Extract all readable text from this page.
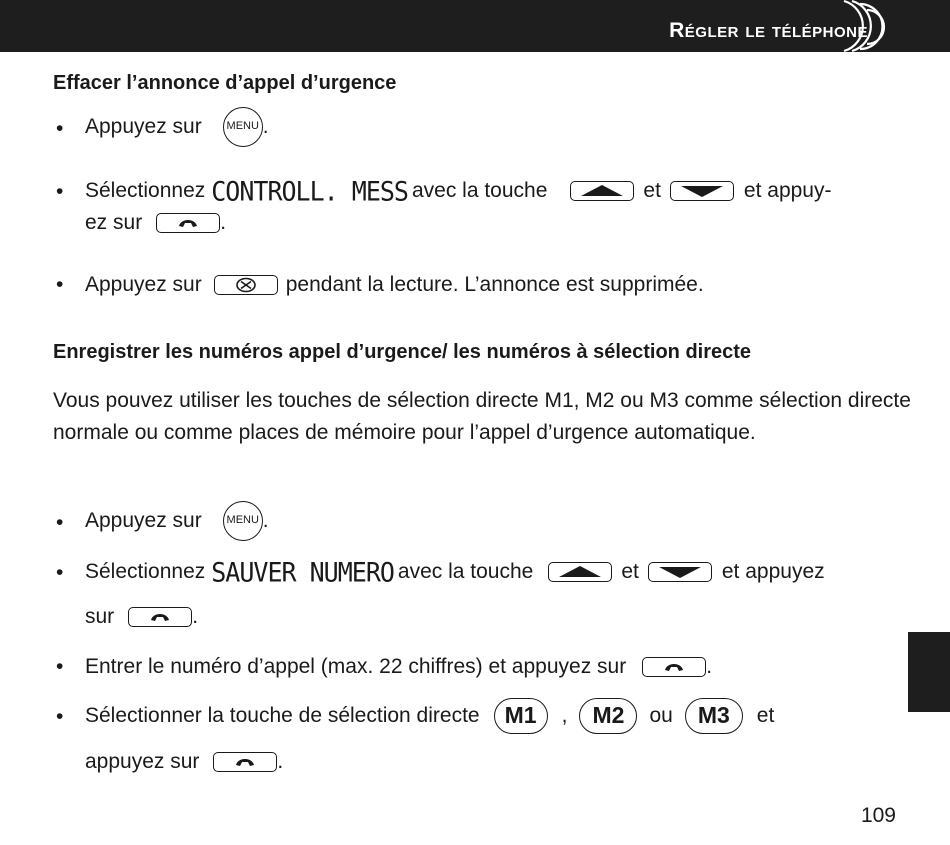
Régler le téléphone
Effacer l’annonce d’appel d’urgence
• Appuyez sur	MENU .
• Sélectionnez CONTROLL. MESS avec la touche	et	et appuy-
ez sur	.
• Appuyez sur	pendant la lecture. L’annonce est supprimée.
Enregistrer les numéros appel d’urgence/ les numéros à sélection directe

Vous pouvez utiliser les touches de sélection directe M1, M2 ou M3 comme sélection directe normale ou comme places de mémoire pour l’appel d’urgence automatique.

• Appuyez sur	MENU .
• Sélectionnez SAUVER NUMERO avec la touche	et	et appuyez
sur	.
• Entrer le numéro d’appel (max. 22 chiffres) et appuyez sur	.
• Sélectionner la touche de sélection directe	M1	,	M2	ou	M3	et
appuyez sur	.
109
